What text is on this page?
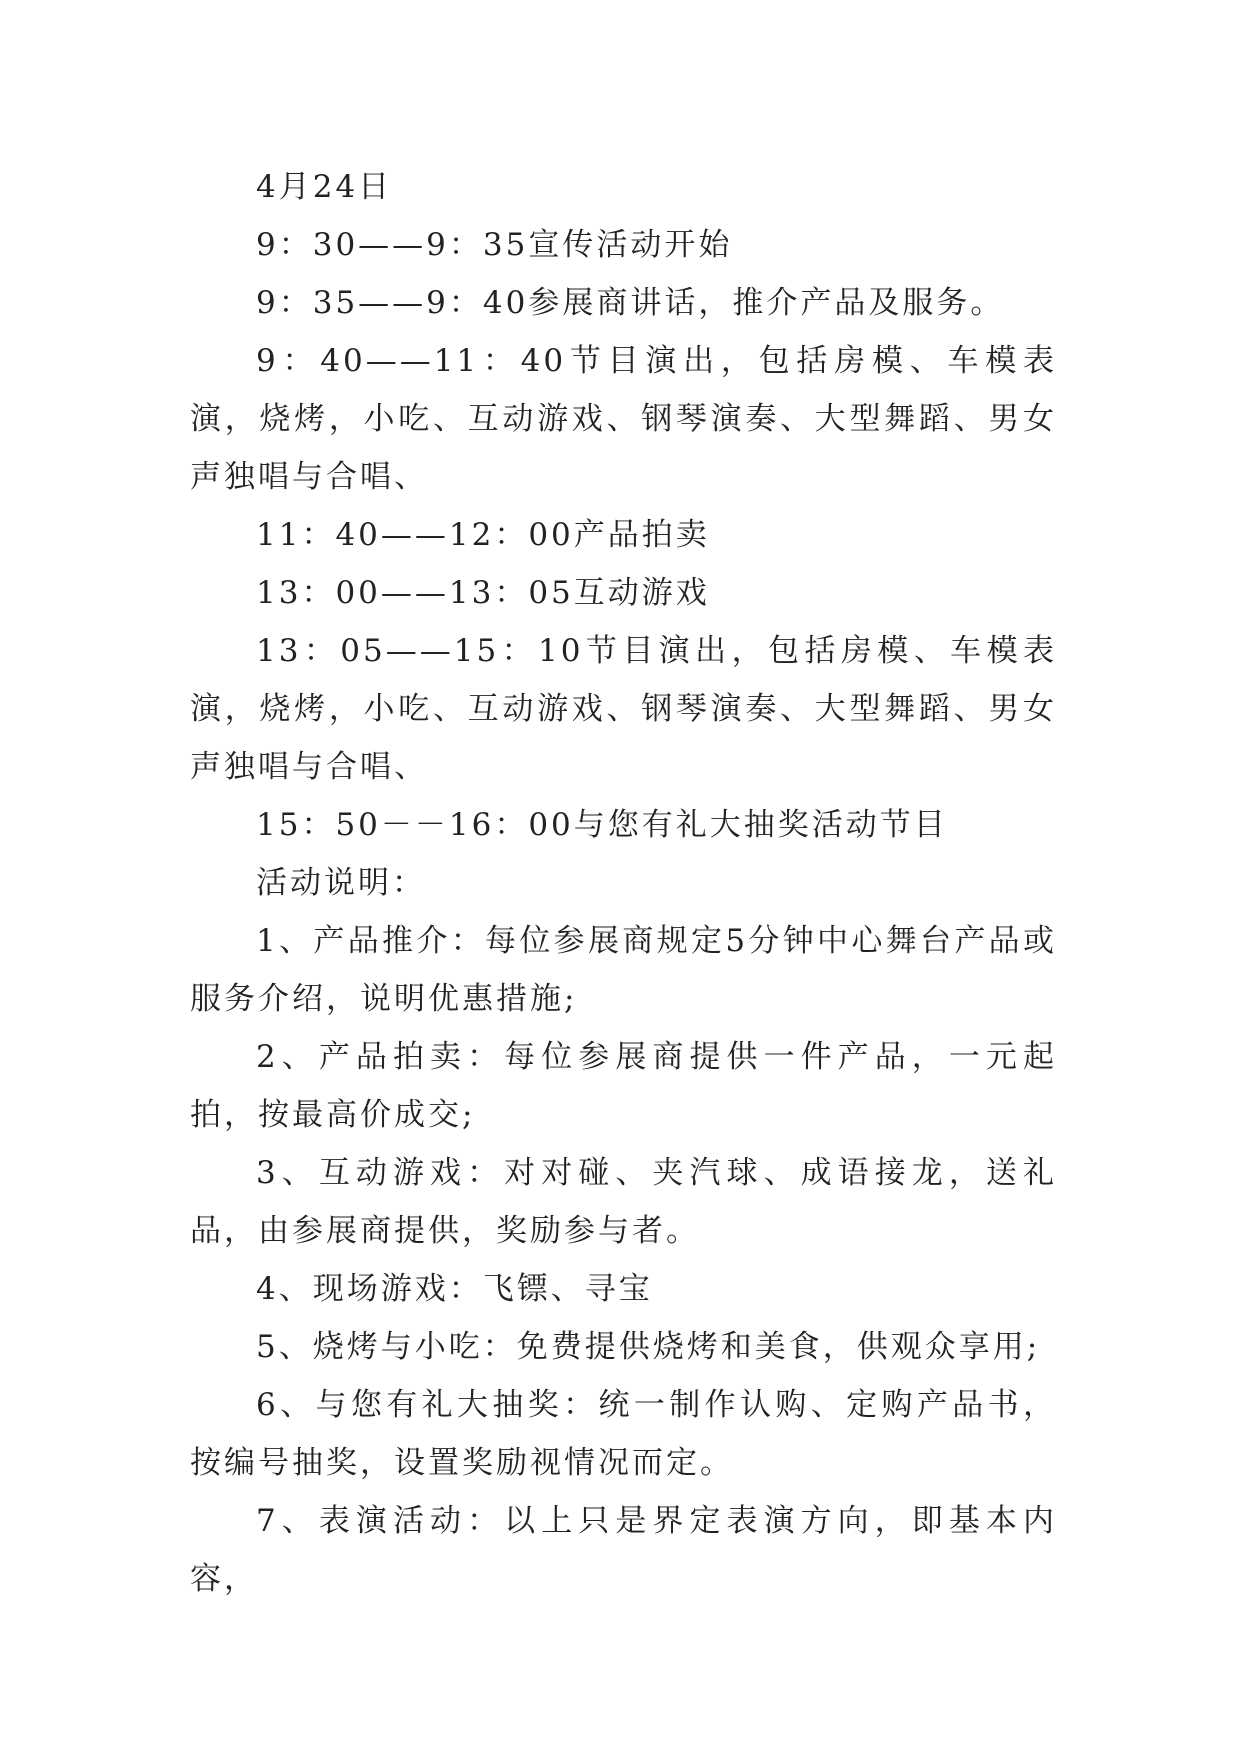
4月24日

9：30——9：35宣传活动开始

9：35——9：40参展商讲话，推介产品及服务。

9：40——11：40节目演出，包括房模、车模表演，烧烤，小吃、互动游戏、钢琴演奏、大型舞蹈、男女声独唱与合唱、

11：40——12：00产品拍卖

13：00——13：05互动游戏

13：05——15：10节目演出，包括房模、车模表演，烧烤，小吃、互动游戏、钢琴演奏、大型舞蹈、男女声独唱与合唱、

15：50－－16：00与您有礼大抽奖活动节目

活动说明：

1、产品推介：每位参展商规定5分钟中心舞台产品或服务介绍，说明优惠措施;

2、产品拍卖：每位参展商提供一件产品，一元起拍，按最高价成交;

3、互动游戏：对对碰、夹汽球、成语接龙，送礼品，由参展商提供，奖励参与者。

4、现场游戏：飞镖、寻宝

5、烧烤与小吃：免费提供烧烤和美食，供观众享用;

6、与您有礼大抽奖：统一制作认购、定购产品书，按编号抽奖，设置奖励视情况而定。

7、表演活动：以上只是界定表演方向，即基本内容，
